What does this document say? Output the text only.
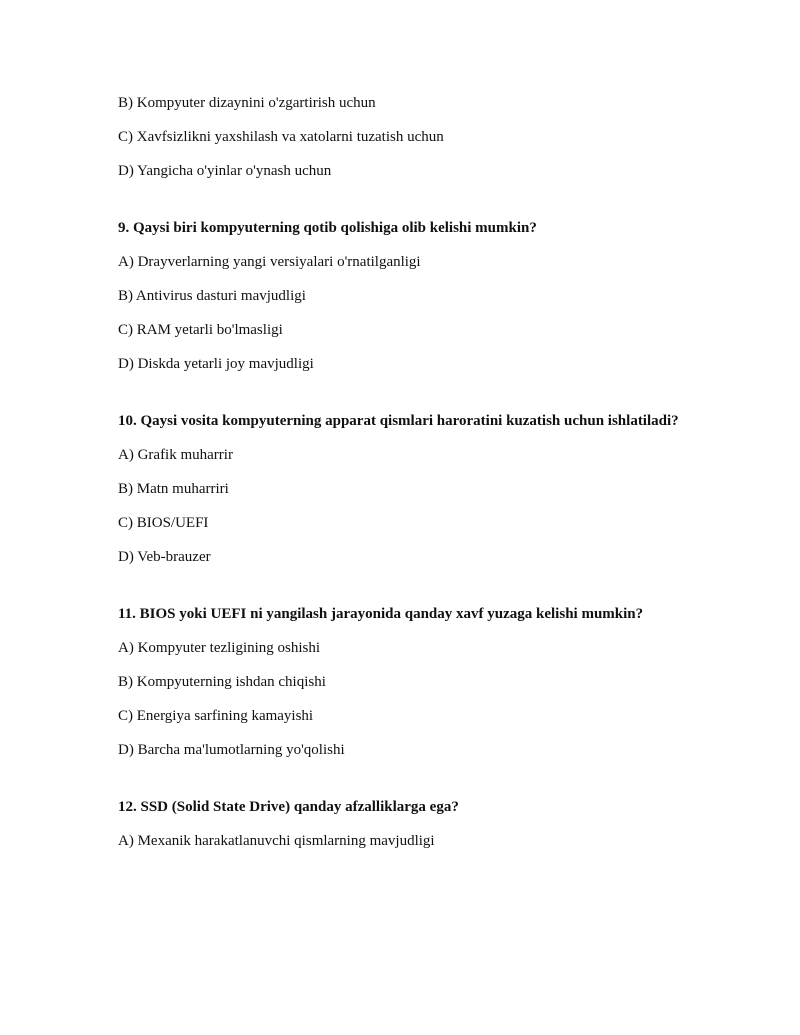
B) Kompyuter dizaynini o'zgartirish uchun

C) Xavfsizlikni yaxshilash va xatolarni tuzatish uchun

D) Yangicha o'yinlar o'ynash uchun

9. Qaysi biri kompyuterning qotib qolishiga olib kelishi mumkin?

A) Drayverlarning yangi versiyalari o'rnatilganligi

B) Antivirus dasturi mavjudligi

C) RAM yetarli bo'lmasligi

D) Diskda yetarli joy mavjudligi

10. Qaysi vosita kompyuterning apparat qismlari haroratini kuzatish uchun ishlatiladi?

A) Grafik muharrir

B) Matn muharriri

C) BIOS/UEFI

D) Veb-brauzer

11. BIOS yoki UEFI ni yangilash jarayonida qanday xavf yuzaga kelishi mumkin?

A) Kompyuter tezligining oshishi

B) Kompyuterning ishdan chiqishi

C) Energiya sarfining kamayishi

D) Barcha ma'lumotlarning yo'qolishi

12. SSD (Solid State Drive) qanday afzalliklarga ega?

A) Mexanik harakatlanuvchi qismlarning mavjudligi
